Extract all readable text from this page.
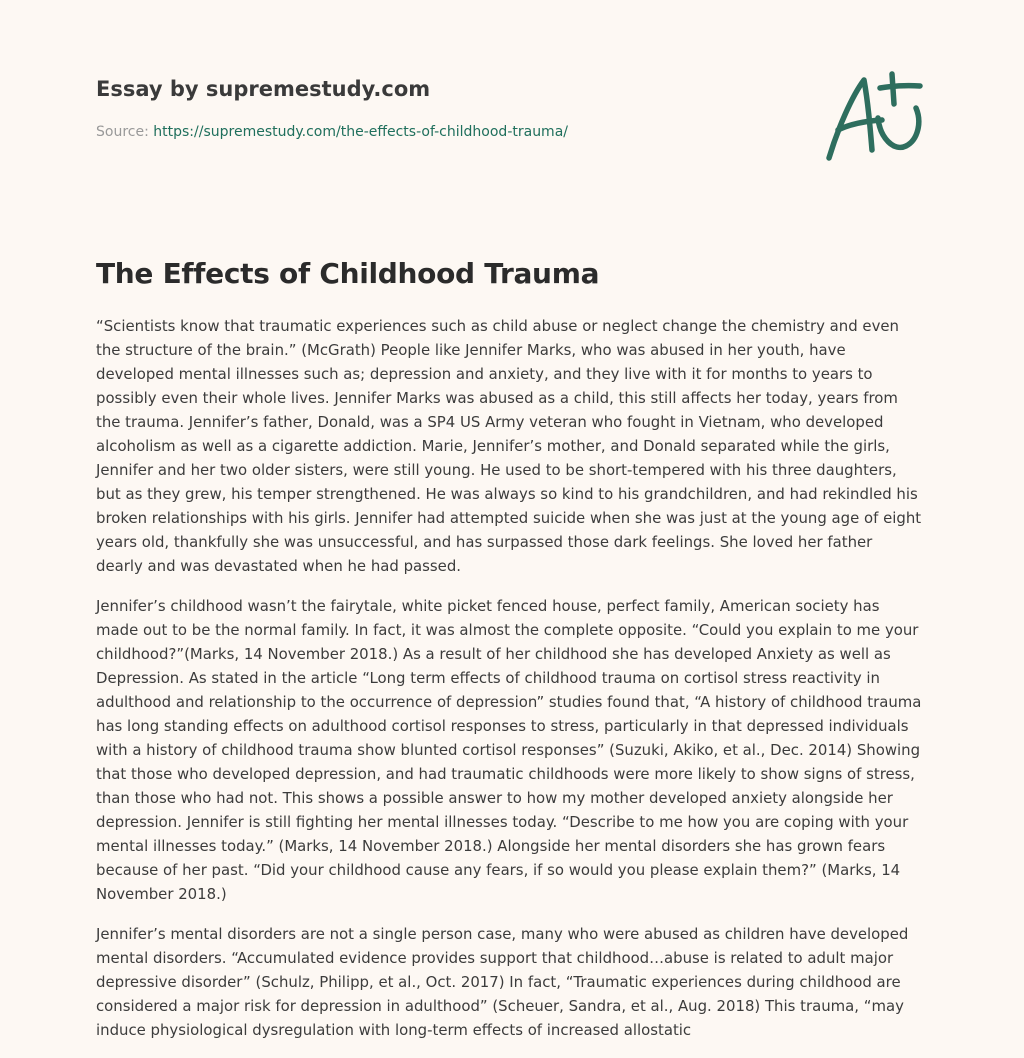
Essay by supremestudy.com
Source: https://supremestudy.com/the-effects-of-childhood-trauma/
The Effects of Childhood Trauma

“Scientists know that traumatic experiences such as child abuse or neglect change the chemistry and even the structure of the brain.” (McGrath) People like Jennifer Marks, who was abused in her youth, have developed mental illnesses such as; depression and anxiety, and they live with it for months to years to possibly even their whole lives. Jennifer Marks was abused as a child, this still affects her today, years from the trauma. Jennifer’s father, Donald, was a SP4 US Army veteran who fought in Vietnam, who developed alcoholism as well as a cigarette addiction. Marie, Jennifer’s mother, and Donald separated while the girls, Jennifer and her two older sisters, were still young. He used to be short-tempered with his three daughters, but as they grew, his temper strengthened. He was always so kind to his grandchildren, and had rekindled his broken relationships with his girls. Jennifer had attempted suicide when she was just at the young age of eight years old, thankfully she was unsuccessful, and has surpassed those dark feelings. She loved her father dearly and was devastated when he had passed.

Jennifer’s childhood wasn’t the fairytale, white picket fenced house, perfect family, American society has made out to be the normal family. In fact, it was almost the complete opposite. “Could you explain to me your childhood?”(Marks, 14 November 2018.) As a result of her childhood she has developed Anxiety as well as Depression. As stated in the article “Long term effects of childhood trauma on cortisol stress reactivity in adulthood and relationship to the occurrence of depression” studies found that, “A history of childhood trauma has long standing effects on adulthood cortisol responses to stress, particularly in that depressed individuals with a history of childhood trauma show blunted cortisol responses” (Suzuki, Akiko, et al., Dec. 2014) Showing that those who developed depression, and had traumatic childhoods were more likely to show signs of stress, than those who had not. This shows a possible answer to how my mother developed anxiety alongside her depression. Jennifer is still fighting her mental illnesses today. “Describe to me how you are coping with your mental illnesses today.” (Marks, 14 November 2018.) Alongside her mental disorders she has grown fears because of her past. “Did your childhood cause any fears, if so would you please explain them?” (Marks, 14 November 2018.)

Jennifer’s mental disorders are not a single person case, many who were abused as children have developed mental disorders. “Accumulated evidence provides support that childhood…abuse is related to adult major depressive disorder” (Schulz, Philipp, et al., Oct. 2017) In fact, “Traumatic experiences during childhood are considered a major risk for depression in adulthood” (Scheuer, Sandra, et al., Aug. 2018) This trauma, “may induce physiological dysregulation with long-term effects of increased allostatic
